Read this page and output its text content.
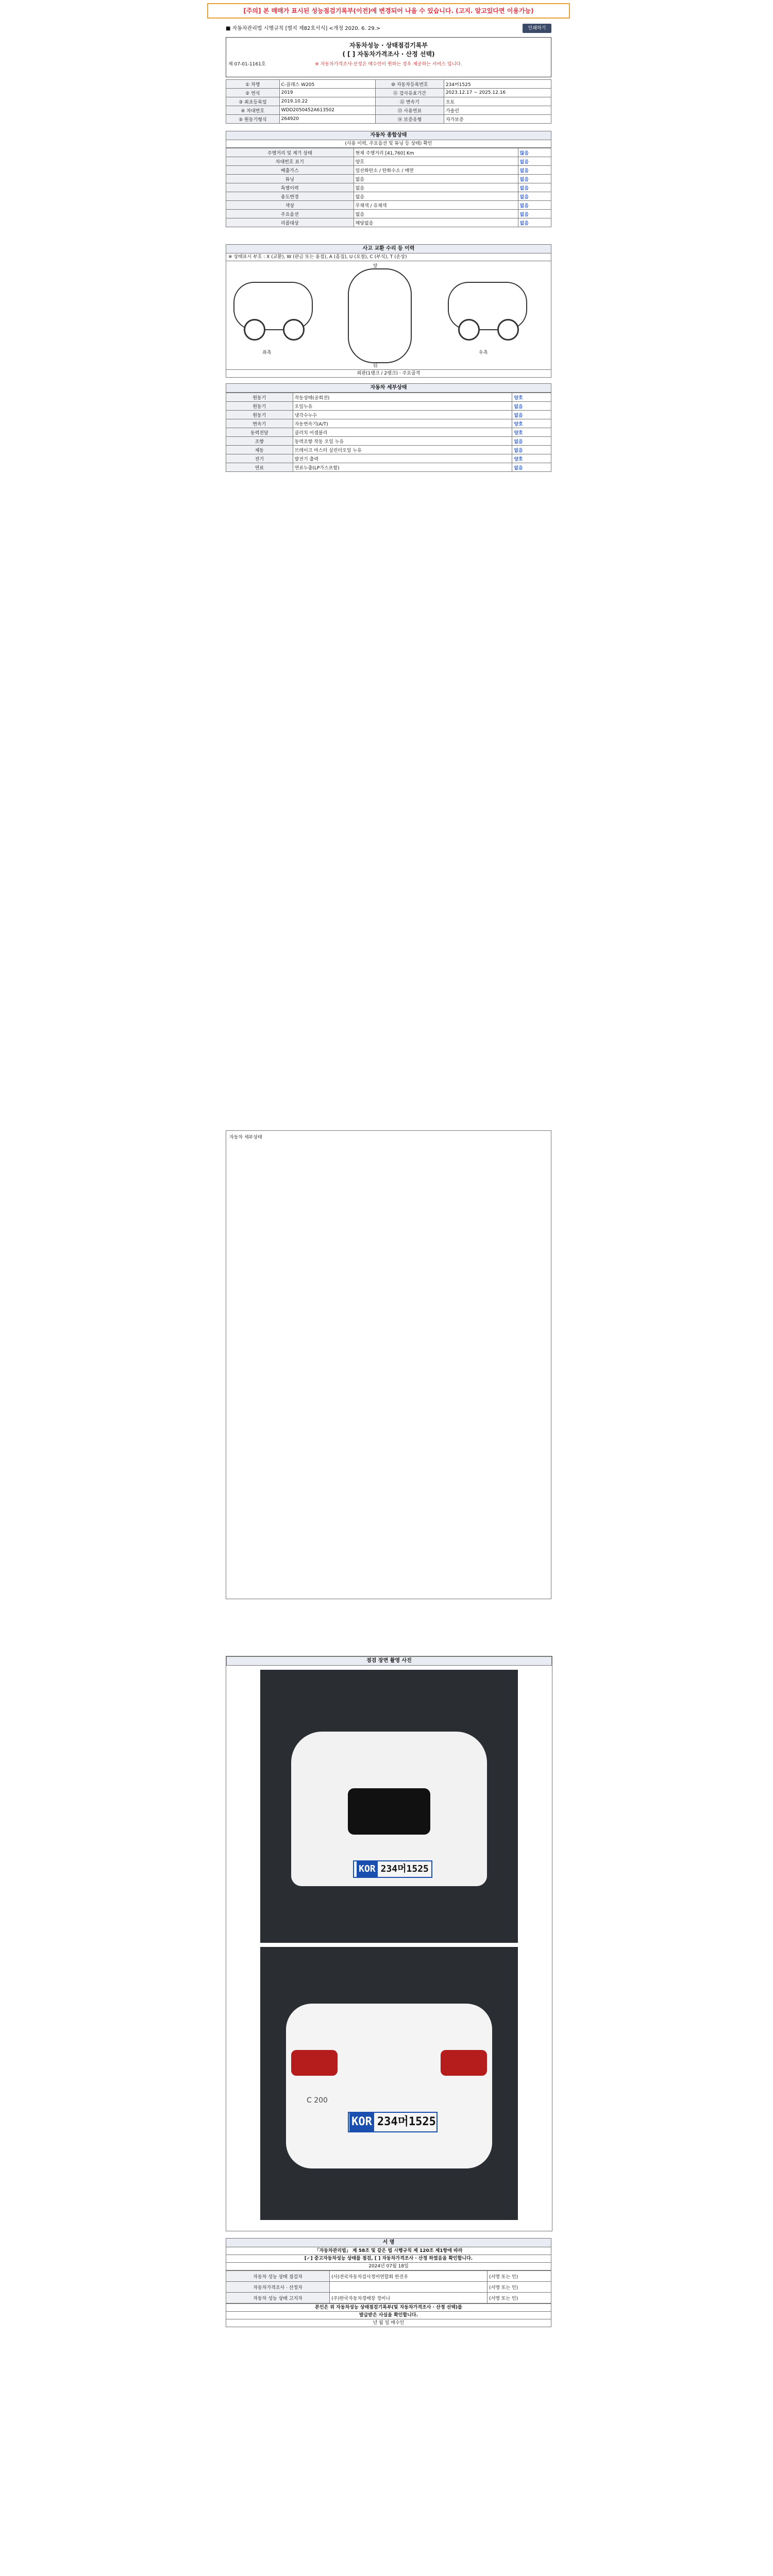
[주의] 본 매매가 표시된 성능점검기록부(이전)에 변경되어 나올 수 있습니다. (고지. 알고있다면 이용가능)
■ 자동차관리법 시행규칙 [별지 제82호서식] <개정 2020. 6. 29.>	인쇄하기
자동차성능 · 상태점검기록부
( [ ] 자동차가격조사 · 산정 선택)
※ 자동차가격조사·산정은 매수인이 원하는 경우 제공하는 서비스 입니다.
제 07-01-1161호
① 차명	C-클래스 W205	⑩ 자동차등록번호	234머1525
② 연식	2019	⑪ 검사유효기간	2023.12.17 ~ 2025.12.16
③ 최초등록일	2019.10.22	⑫ 변속기	오토
④ 차대번호	WDD2050452A613502	⑬ 사용연료	가솔린
⑤ 원동기형식	264920	⑭ 보증유형	자가보증
자동차 종합상태
(사용 이력, 주요옵션 및 튜닝 등 상태) 확인
주행거리 및 계기 상태	현재 주행거리 [41,760] Km	많음
차대번호 표기	양호	없음
배출가스	일산화탄소 / 탄화수소 / 매연	없음
튜닝	없음	없음
특별이력	없음	없음
용도변경	없음	없음
색상	무채색 / 유채색	없음
주요옵션	없음	없음
리콜대상	해당없음	없음
사고 교환 수리 등 이력
※ 상태표시 부호 : X (교환), W (판금 또는 용접), A (흠집), U (요철), C (부식), T (손상)
좌측
앞
뒤
우측
외판(1랭크 / 2랭크) · 주요골격
자동차 세부상태
원동기	작동상태(공회전)	양호
원동기	오일누유	없음
원동기	냉각수누수	없음
변속기	자동변속기(A/T)	양호
동력전달	클러치 어셈블리	양호
조향	동력조향 작동 오일 누유	없음
제동	브레이크 마스터 실린더오일 누유	없음
전기	발전기 출력	양호
연료	연료누출(LP가스포함)	없음

자동차 세부상태

점검 장면 촬영 사진
KOR 234머1525
C 200
KOR 234머1525
서 명
「자동차관리법」 제 58조 및 같은 법 시행규칙 제 120조 제1항에 따라
[✓] 중고자동차성능 상태를 점검, [ ] 자동차가격조사 · 산정 하였음을 확인합니다.
2024년 07월 18일
자동차 성능 상태 점검자	(사)전국자동차검사정비연합회 한진우	(서명 또는 인)
자동차가격조사 · 산정자		(서명 또는 인)
자동차 성능 상태 고지자	(주)한국자동차경매장 정미나	(서명 또는 인)
본인은 위 자동차성능 상태점검기록부(및 자동차가격조사 · 산정 선택)를
발급받은 사실을 확인합니다.
년 월 일 매수인
